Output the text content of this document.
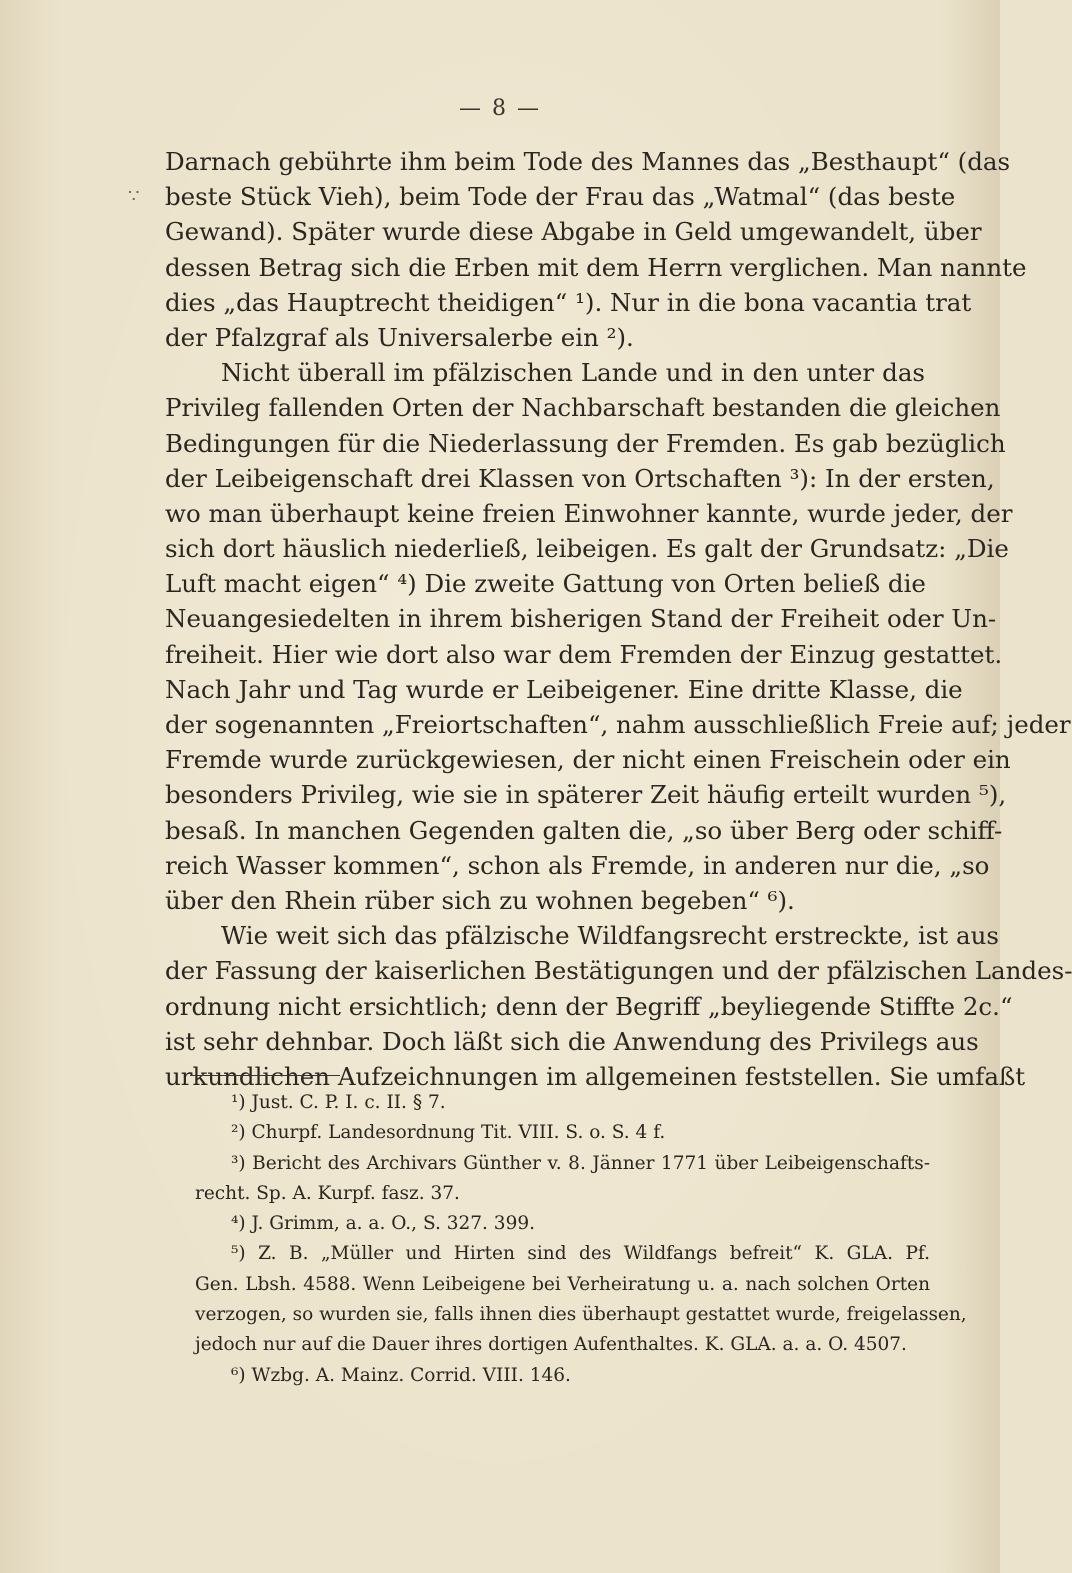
— 8 —
∵
Darnach gebührte ihm beim Tode des Mannes das „Besthaupt“ (das
beste Stück Vieh), beim Tode der Frau das „Watmal“ (das beste
Gewand). Später wurde diese Abgabe in Geld umgewandelt, über
dessen Betrag sich die Erben mit dem Herrn verglichen. Man nannte
dies „das Hauptrecht theidigen“ ¹). Nur in die bona vacantia trat
der Pfalzgraf als Universalerbe ein ²).
Nicht überall im pfälzischen Lande und in den unter das
Privileg fallenden Orten der Nachbarschaft bestanden die gleichen
Bedingungen für die Niederlassung der Fremden. Es gab bezüglich
der Leibeigenschaft drei Klassen von Ortschaften ³): In der ersten,
wo man überhaupt keine freien Einwohner kannte, wurde jeder, der
sich dort häuslich niederließ, leibeigen. Es galt der Grundsatz: „Die
Luft macht eigen“ ⁴) Die zweite Gattung von Orten beließ die
Neuangesiedelten in ihrem bisherigen Stand der Freiheit oder Un-
freiheit. Hier wie dort also war dem Fremden der Einzug gestattet.
Nach Jahr und Tag wurde er Leibeigener. Eine dritte Klasse, die
der sogenannten „Freiortschaften“, nahm ausschließlich Freie auf; jeder
Fremde wurde zurückgewiesen, der nicht einen Freischein oder ein
besonders Privileg, wie sie in späterer Zeit häufig erteilt wurden ⁵),
besaß. In manchen Gegenden galten die, „so über Berg oder schiff-
reich Wasser kommen“, schon als Fremde, in anderen nur die, „so
über den Rhein rüber sich zu wohnen begeben“ ⁶).
Wie weit sich das pfälzische Wildfangsrecht erstreckte, ist aus
der Fassung der kaiserlichen Bestätigungen und der pfälzischen Landes-
ordnung nicht ersichtlich; denn der Begriff „beyliegende Stiffte 2c.“
ist sehr dehnbar. Doch läßt sich die Anwendung des Privilegs aus
urkundlichen Aufzeichnungen im allgemeinen feststellen. Sie umfaßt
¹) Just. C. P. I. c. II. § 7.
²) Churpf. Landesordnung Tit. VIII. S. o. S. 4 f.
³) Bericht des Archivars Günther v. 8. Jänner 1771 über Leibeigenschafts-
recht. Sp. A. Kurpf. fasz. 37.
⁴) J. Grimm, a. a. O., S. 327. 399.
⁵) Z. B. „Müller und Hirten sind des Wildfangs befreit“ K. GLA. Pf.
Gen. Lbsh. 4588. Wenn Leibeigene bei Verheiratung u. a. nach solchen Orten
verzogen, so wurden sie, falls ihnen dies überhaupt gestattet wurde, freigelassen,
jedoch nur auf die Dauer ihres dortigen Aufenthaltes. K. GLA. a. a. O. 4507.
⁶) Wzbg. A. Mainz. Corrid. VIII. 146.
